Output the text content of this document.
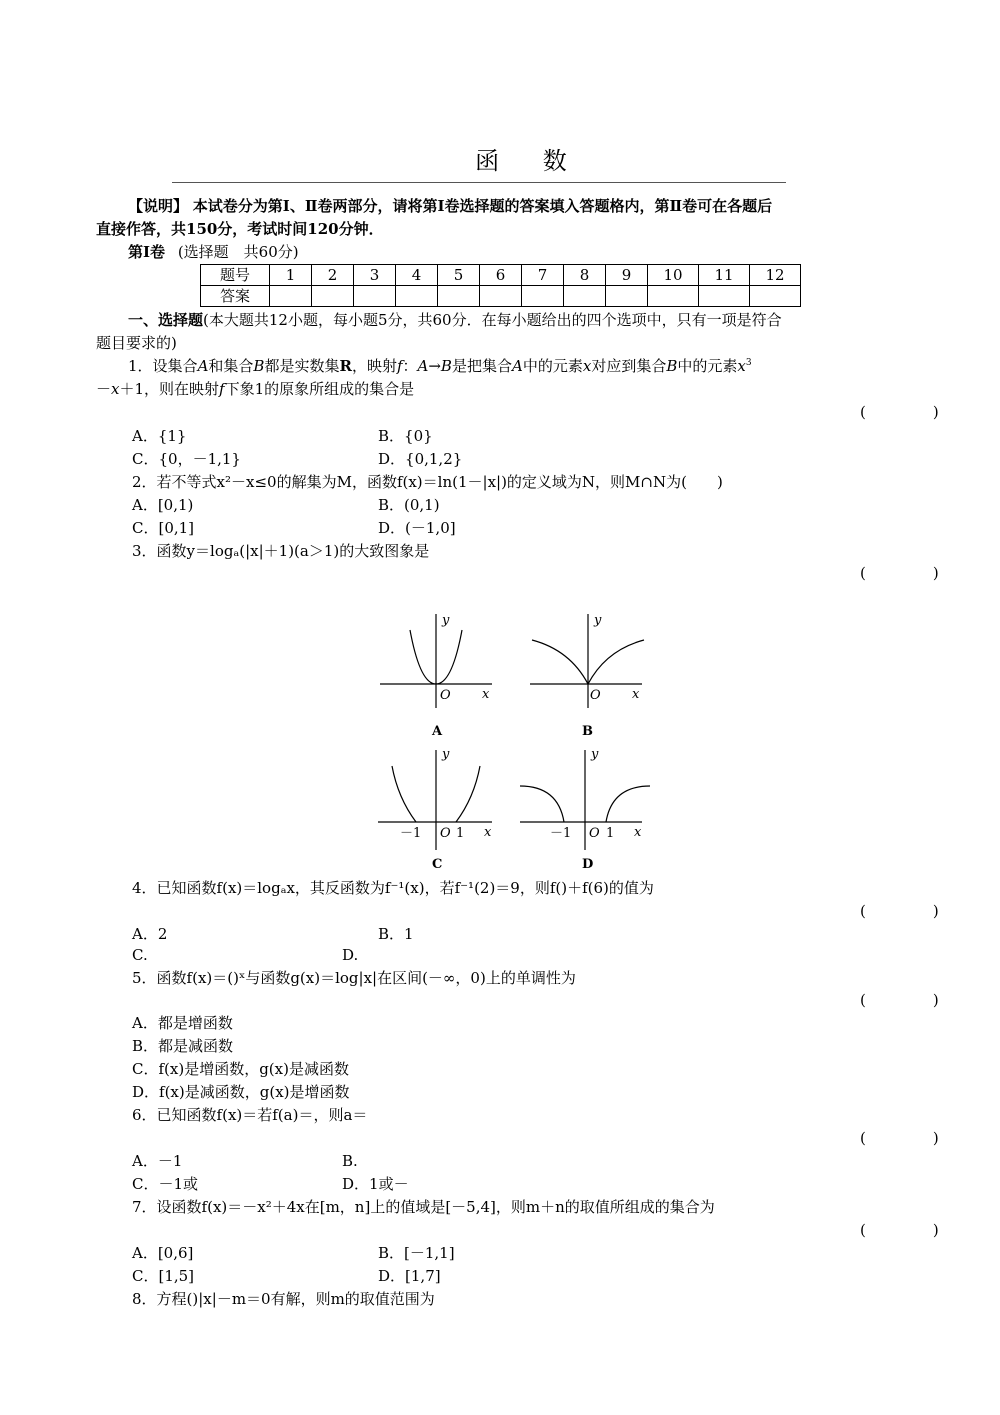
函 数
【说明】 本试卷分为第Ⅰ、Ⅱ卷两部分，请将第Ⅰ卷选择题的答案填入答题格内，第Ⅱ卷可在各题后
直接作答，共150分，考试时间120分钟．
第Ⅰ卷 (选择题　共60分)
题号	1	2	3	4	5	6	7	8	9	10	11	12
答案												
一、选择题(本大题共12小题，每小题5分，共60分．在每小题给出的四个选项中，只有一项是符合
题目要求的)
1．设集合A和集合B都是实数集R，映射f：A→B是把集合A中的元素x对应到集合B中的元素$x^3$
－x＋1，则在映射f下象1的原象所组成的集合是
(　)
A．{1}	B．{0}
C．{0，－1,1}	D．{0,1,2}
2．若不等式x²－x≤0的解集为M，函数f(x)＝ln(1－|x|)的定义域为N，则M∩N为(　　)
A．[0,1)	B．(0,1)
C．[0,1]	D．(－1,0]
3．函数y＝logₐ(|x|＋1)(a＞1)的大致图象是
(　)
y
x
O
A
y
x
O
B
y
x
－1 O 1
C
y
x
－1 O 1
D
4．已知函数f(x)＝logₐx，其反函数为f⁻¹(x)，若f⁻¹(2)＝9，则f()＋f(6)的值为
(　)
A．2	B．1
C.	D.
5．函数f(x)＝()ˣ与函数g(x)＝log|x|在区间(－∞，0)上的单调性为
(　)
A．都是增函数
B．都是减函数
C．f(x)是增函数，g(x)是减函数
D．f(x)是减函数，g(x)是增函数
6．已知函数f(x)＝若f(a)＝，则a＝
(　)
A．－1	B.
C．－1或	D．1或－
7．设函数f(x)＝－x²＋4x在[m，n]上的值域是[－5,4]，则m＋n的取值所组成的集合为
(　)
A．[0,6]	B．[－1,1]
C．[1,5]	D．[1,7]
8．方程()|x|－m＝0有解，则m的取值范围为
